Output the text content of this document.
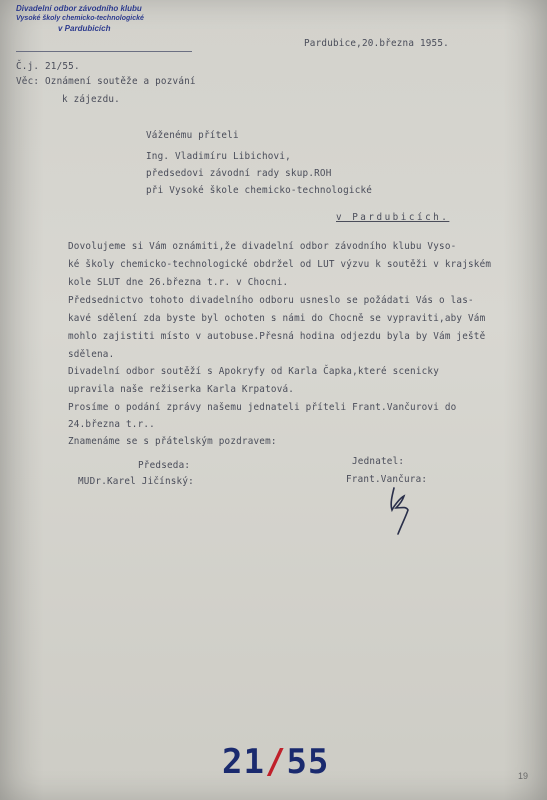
Divadelní odbor závodního klubu
Vysoké školy chemicko-technologické
v Pardubicích
Pardubice,20.března 1955.
Č.j. 21/55.
Věc: Oznámení soutěže a pozvání
k zájezdu.
Váženému příteli
Ing. Vladimíru Libichovi,
předsedovi závodní rady skup.ROH
při Vysoké škole chemicko-technologické
v Pardubicích.
Dovolujeme si Vám oznámiti,že divadelní odbor závodního klubu Vyso-
ké školy chemicko-technologické obdržel od LUT výzvu k soutěži v krajském
kole SLUT dne 26.března t.r. v Chocni.
Předsednictvo tohoto divadelního odboru usneslo se požádati Vás o las-
kavé sdělení zda byste byl ochoten s námi do Chocně se vypraviti,aby Vám
mohlo zajistiti místo v autobuse.Přesná hodina odjezdu byla by Vám ještě
sdělena.
Divadelní odbor soutěží s Apokryfy od Karla Čapka,které scenicky
upravila naše režiserka Karla Krpatová.
Prosíme o podání zprávy našemu jednateli příteli Frant.Vančurovi do
24.března t.r..
Znamenáme se s přátelským pozdravem:
Předseda:
MUDr.Karel Jičínský:
Jednatel:
Frant.Vančura:
21/55	19
